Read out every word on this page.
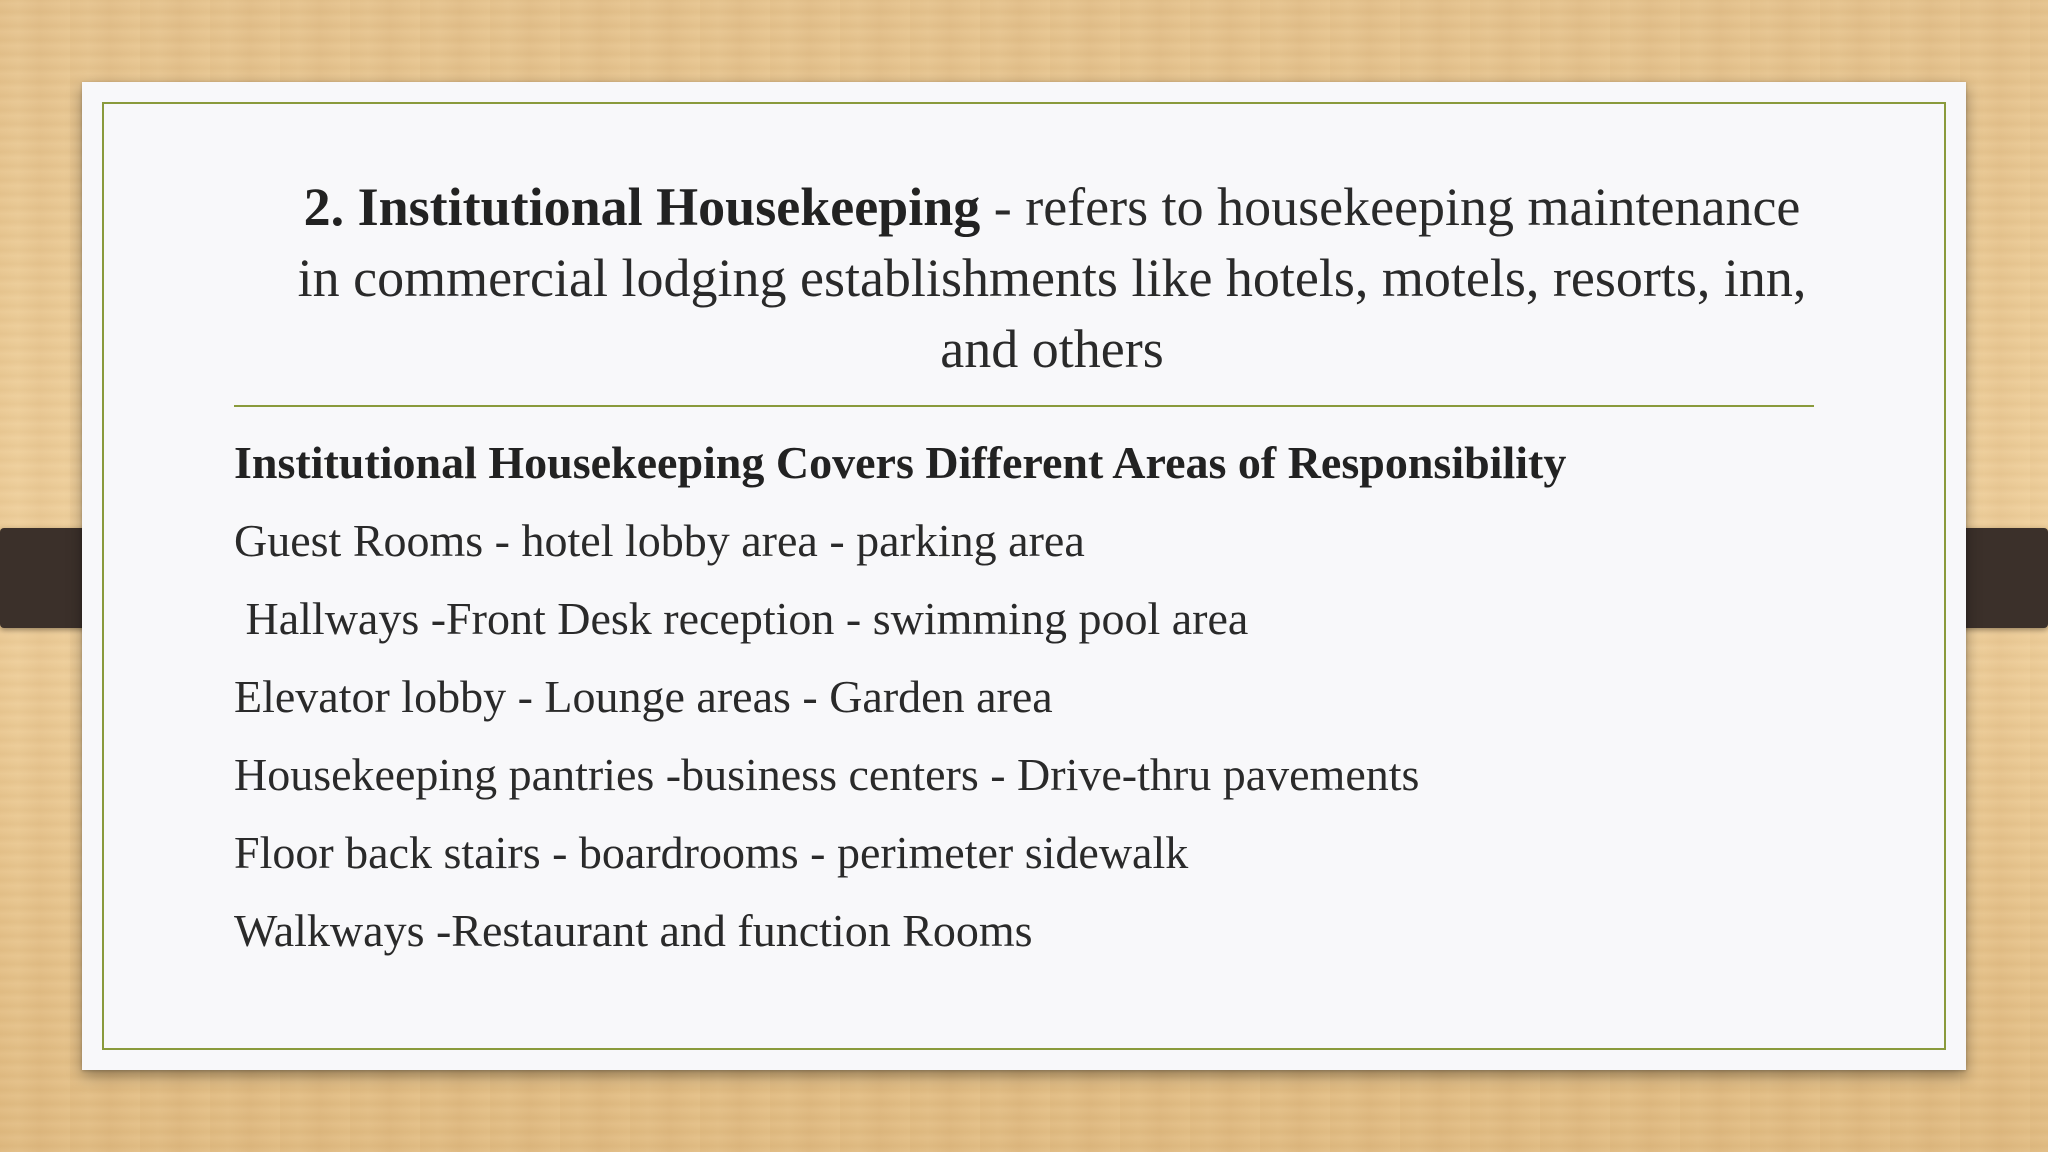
2. Institutional Housekeeping - refers to housekeeping maintenance in commercial lodging establishments like hotels, motels, resorts, inn, and others
Institutional Housekeeping Covers Different Areas of Responsibility
Guest Rooms - hotel lobby area - parking area
Hallways -Front Desk reception - swimming pool area
Elevator lobby - Lounge areas - Garden area
Housekeeping pantries -business centers - Drive-thru pavements
Floor back stairs - boardrooms - perimeter sidewalk
Walkways -Restaurant and function Rooms
